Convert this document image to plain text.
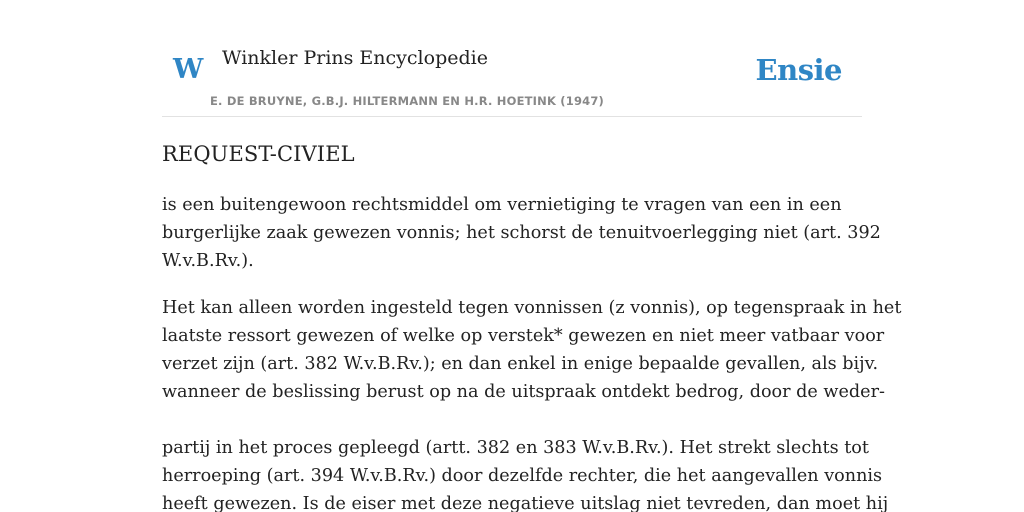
W Winkler Prins Encyclopedie
E. DE BRUYNE, G.B.J. HILTERMANN EN H.R. HOETINK (1947)
Ensie
REQUEST-CIVIEL

is een buitengewoon rechtsmiddel om vernietiging te vragen van een in een
burgerlijke zaak gewezen vonnis; het schorst de tenuitvoerlegging niet (art. 392
W.v.B.Rv.).

Het kan alleen worden ingesteld tegen vonnissen (z vonnis), op tegenspraak in het
laatste ressort gewezen of welke op verstek* gewezen en niet meer vatbaar voor
verzet zijn (art. 382 W.v.B.Rv.); en dan enkel in enige bepaalde gevallen, als bijv.
wanneer de beslissing berust op na de uitspraak ontdekt bedrog, door de weder-

partij in het proces gepleegd (artt. 382 en 383 W.v.B.Rv.). Het strekt slechts tot
herroeping (art. 394 W.v.B.Rv.) door dezelfde rechter, die het aangevallen vonnis
heeft gewezen. Is de eiser met deze negatieve uitslag niet tevreden, dan moet hij
